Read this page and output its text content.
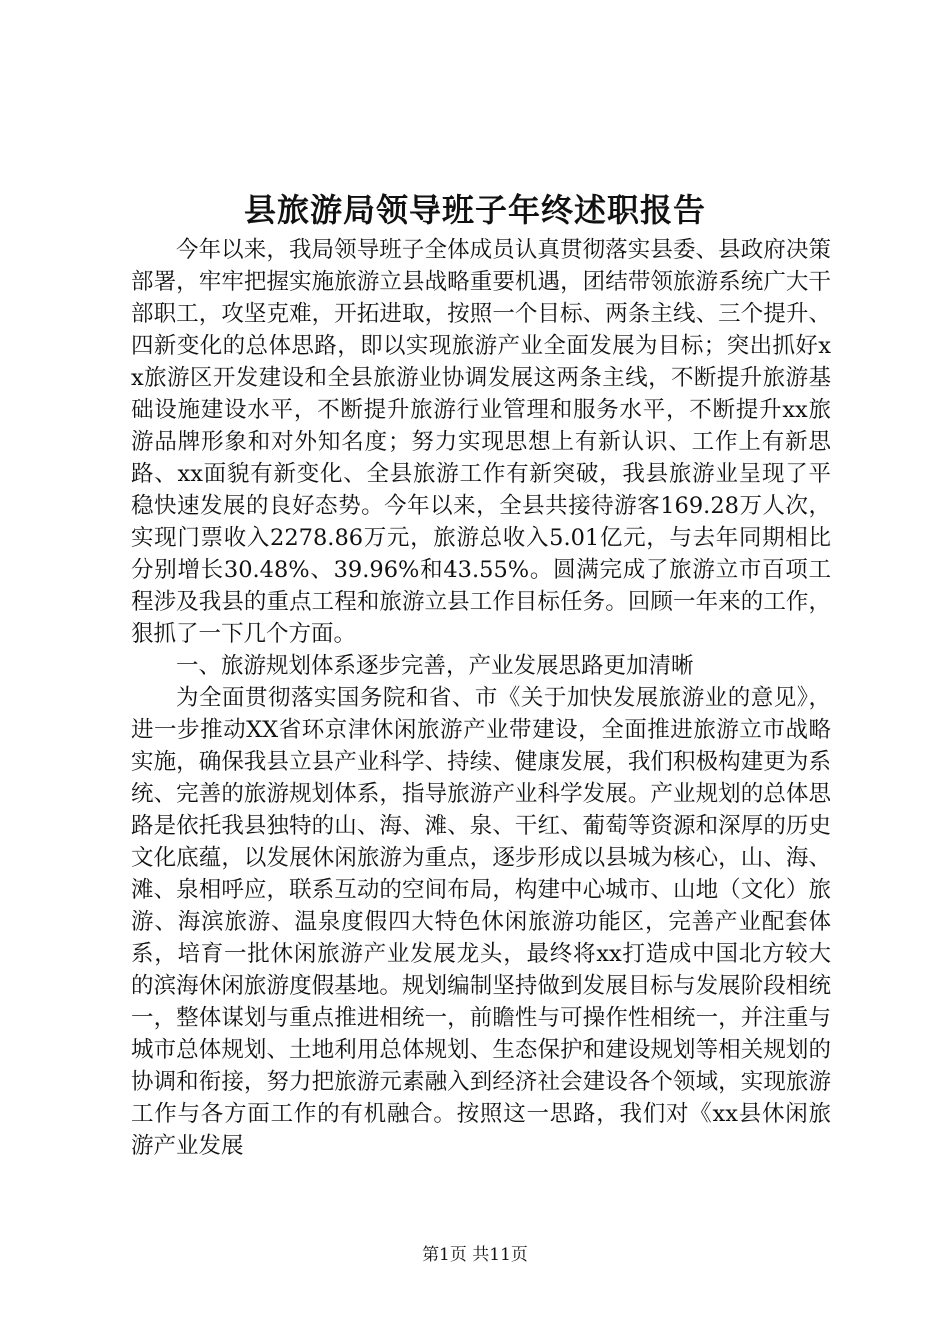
县旅游局领导班子年终述职报告

今年以来，我局领导班子全体成员认真贯彻落实县委、县政府决策部署，牢牢把握实施旅游立县战略重要机遇，团结带领旅游系统广大干部职工，攻坚克难，开拓进取，按照一个目标、两条主线、三个提升、四新变化的总体思路，即以实现旅游产业全面发展为目标；突出抓好xx旅游区开发建设和全县旅游业协调发展这两条主线，不断提升旅游基础设施建设水平，不断提升旅游行业管理和服务水平，不断提升xx旅游品牌形象和对外知名度；努力实现思想上有新认识、工作上有新思路、xx面貌有新变化、全县旅游工作有新突破，我县旅游业呈现了平稳快速发展的良好态势。今年以来，全县共接待游客169.28万人次，实现门票收入2278.86万元，旅游总收入5.01亿元，与去年同期相比分别增长30.48%、39.96%和43.55%。圆满完成了旅游立市百项工程涉及我县的重点工程和旅游立县工作目标任务。回顾一年来的工作，狠抓了一下几个方面。

一、旅游规划体系逐步完善，产业发展思路更加清晰

为全面贯彻落实国务院和省、市《关于加快发展旅游业的意见》，进一步推动XX省环京津休闲旅游产业带建设，全面推进旅游立市战略实施，确保我县立县产业科学、持续、健康发展，我们积极构建更为系统、完善的旅游规划体系，指导旅游产业科学发展。产业规划的总体思路是依托我县独特的山、海、滩、泉、干红、葡萄等资源和深厚的历史文化底蕴，以发展休闲旅游为重点，逐步形成以县城为核心，山、海、滩、泉相呼应，联系互动的空间布局，构建中心城市、山地（文化）旅游、海滨旅游、温泉度假四大特色休闲旅游功能区，完善产业配套体系，培育一批休闲旅游产业发展龙头，最终将xx打造成中国北方较大的滨海休闲旅游度假基地。规划编制坚持做到发展目标与发展阶段相统一，整体谋划与重点推进相统一，前瞻性与可操作性相统一，并注重与城市总体规划、土地利用总体规划、生态保护和建设规划等相关规划的协调和衔接，努力把旅游元素融入到经济社会建设各个领域，实现旅游工作与各方面工作的有机融合。按照这一思路，我们对《xx县休闲旅游产业发展

第1页 共11页
